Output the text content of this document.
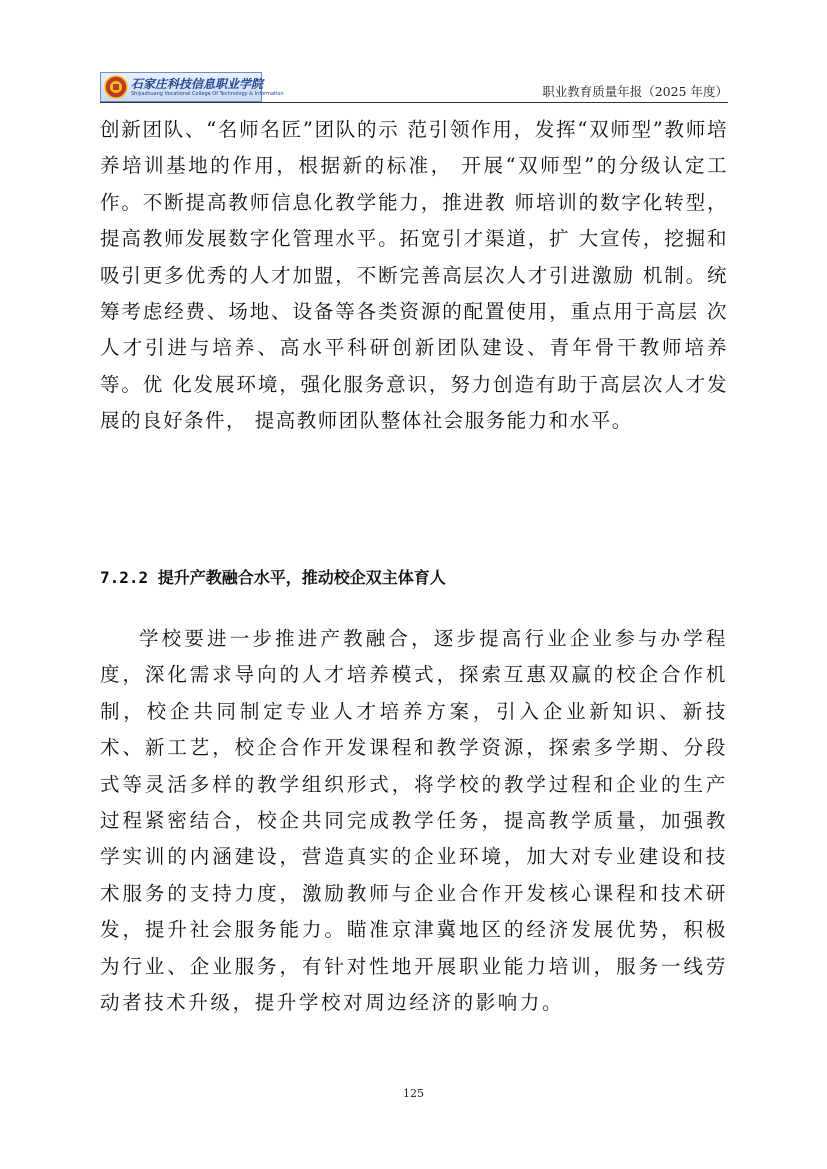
石家庄科技信息职业学院
Shijiazhuang Vocational College Of Technology & Information	职业教育质量年报（2025 年度）

创新团队、“名师名匠”团队的示 范引领作用，发挥“双师型”教师培养培训基地的作用，根据新的标准， 开展“双师型”的分级认定工作。不断提高教师信息化教学能力，推进教 师培训的数字化转型，提高教师发展数字化管理水平。拓宽引才渠道，扩 大宣传，挖掘和吸引更多优秀的人才加盟，不断完善高层次人才引进激励 机制。统筹考虑经费、场地、设备等各类资源的配置使用，重点用于高层 次人才引进与培养、高水平科研创新团队建设、青年骨干教师培养等。优 化发展环境，强化服务意识，努力创造有助于高层次人才发展的良好条件， 提高教师团队整体社会服务能力和水平。

7.2.2 提升产教融合水平，推动校企双主体育人

学校要进一步推进产教融合，逐步提高行业企业参与办学程度，深化需求导向的人才培养模式，探索互惠双赢的校企合作机制，校企共同制定专业人才培养方案，引入企业新知识、新技术、新工艺，校企合作开发课程和教学资源，探索多学期、分段式等灵活多样的教学组织形式，将学校的教学过程和企业的生产过程紧密结合，校企共同完成教学任务，提高教学质量，加强教学实训的内涵建设，营造真实的企业环境，加大对专业建设和技术服务的支持力度，激励教师与企业合作开发核心课程和技术研发，提升社会服务能力。瞄准京津冀地区的经济发展优势，积极为行业、企业服务，有针对性地开展职业能力培训，服务一线劳动者技术升级，提升学校对周边经济的影响力。

125
